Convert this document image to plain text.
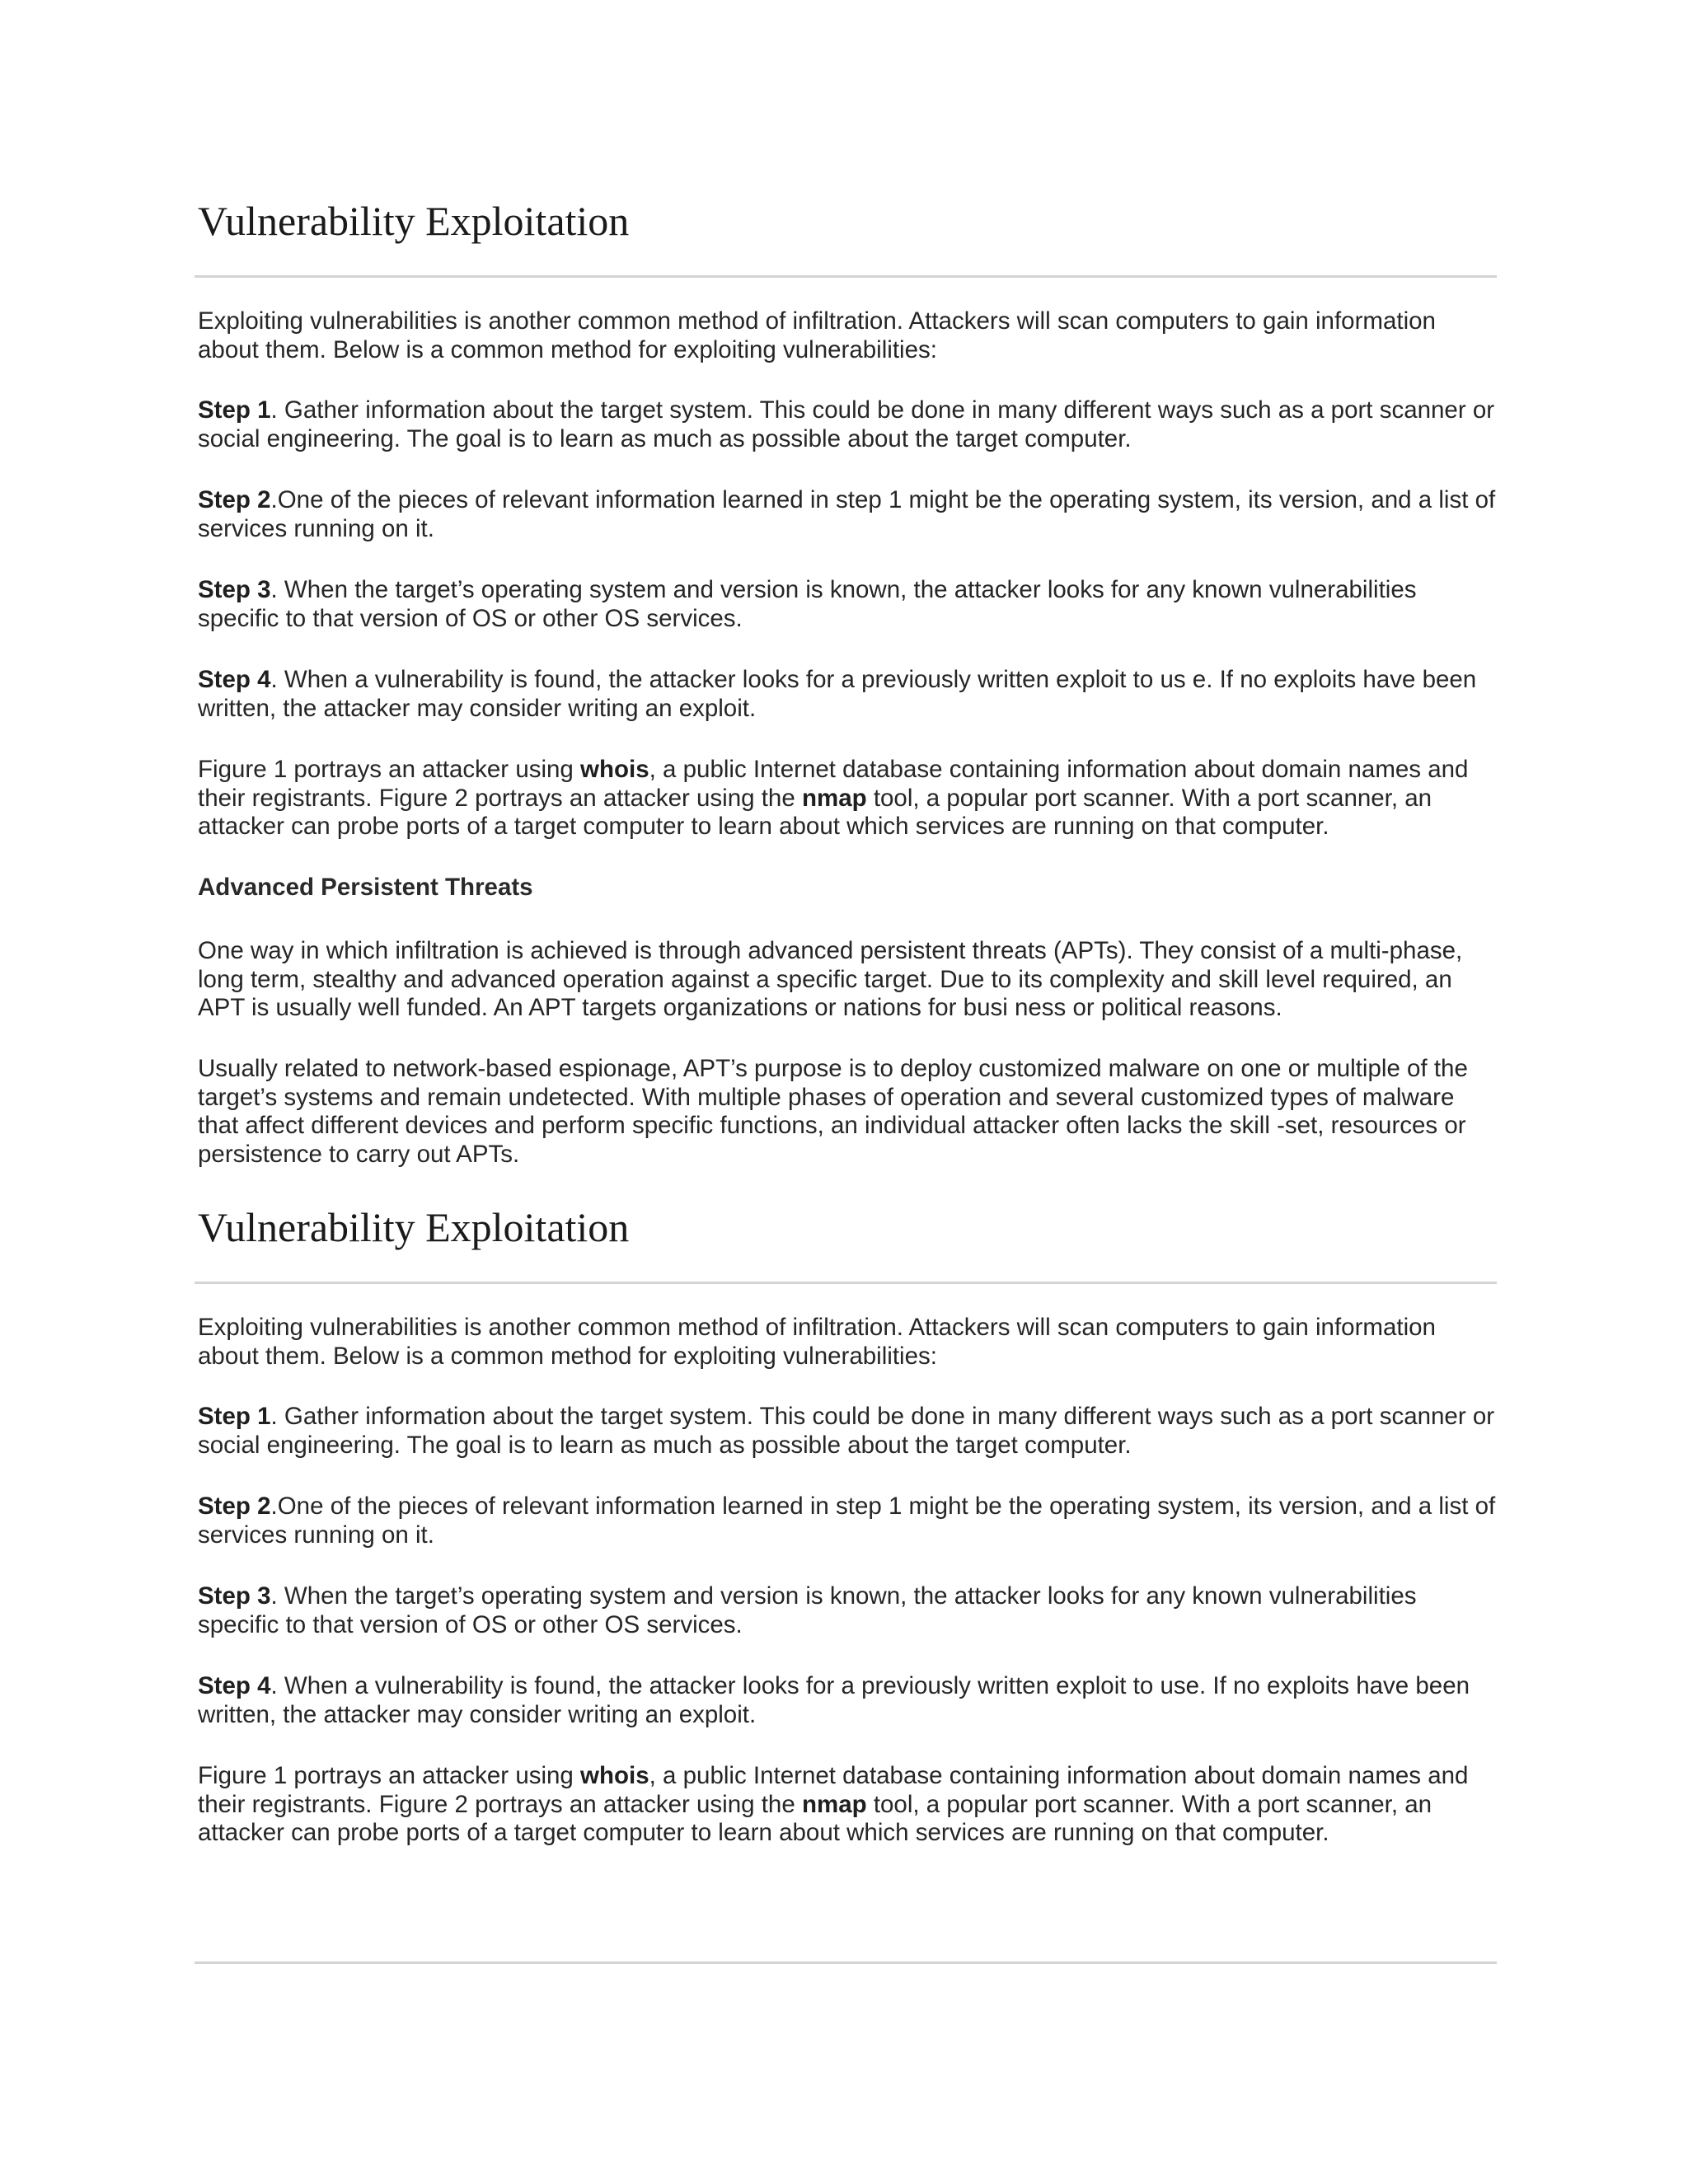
Vulnerability Exploitation

Exploiting vulnerabilities is another common method of infiltration. Attackers will scan computers to gain information about them. Below is a common method for exploiting vulnerabilities:

Step 1. Gather information about the target system. This could be done in many different ways such as a port scanner or social engineering. The goal is to learn as much as possible about the target computer.

Step 2.One of the pieces of relevant information learned in step 1 might be the operating system, its version, and a list of services running on it.

Step 3. When the target’s operating system and version is known, the attacker looks for any known vulnerabilities specific to that version of OS or other OS services.

Step 4. When a vulnerability is found, the attacker looks for a previously written exploit to us e. If no exploits have been written, the attacker may consider writing an exploit.

Figure 1 portrays an attacker using whois, a public Internet database containing information about domain names and their registrants. Figure 2 portrays an attacker using the nmap tool, a popular port scanner. With a port scanner, an attacker can probe ports of a target computer to learn about which services are running on that computer.

Advanced Persistent Threats

One way in which infiltration is achieved is through advanced persistent threats (APTs). They consist of a multi-phase, long term, stealthy and advanced operation against a specific target. Due to its complexity and skill level required, an APT is usually well funded. An APT targets organizations or nations for busi ness or political reasons.

Usually related to network-based espionage, APT’s purpose is to deploy customized malware on one or multiple of the target’s systems and remain undetected. With multiple phases of operation and several customized types of malware that affect different devices and perform specific functions, an individual attacker often lacks the skill -set, resources or persistence to carry out APTs.

Vulnerability Exploitation

Exploiting vulnerabilities is another common method of infiltration. Attackers will scan computers to gain information about them. Below is a common method for exploiting vulnerabilities:

Step 1. Gather information about the target system. This could be done in many different ways such as a port scanner or social engineering. The goal is to learn as much as possible about the target computer.

Step 2.One of the pieces of relevant information learned in step 1 might be the operating system, its version, and a list of services running on it.

Step 3. When the target’s operating system and version is known, the attacker looks for any known vulnerabilities specific to that version of OS or other OS services.

Step 4. When a vulnerability is found, the attacker looks for a previously written exploit to use. If no exploits have been written, the attacker may consider writing an exploit.

Figure 1 portrays an attacker using whois, a public Internet database containing information about domain names and their registrants. Figure 2 portrays an attacker using the nmap tool, a popular port scanner. With a port scanner, an attacker can probe ports of a target computer to learn about which services are running on that computer.
